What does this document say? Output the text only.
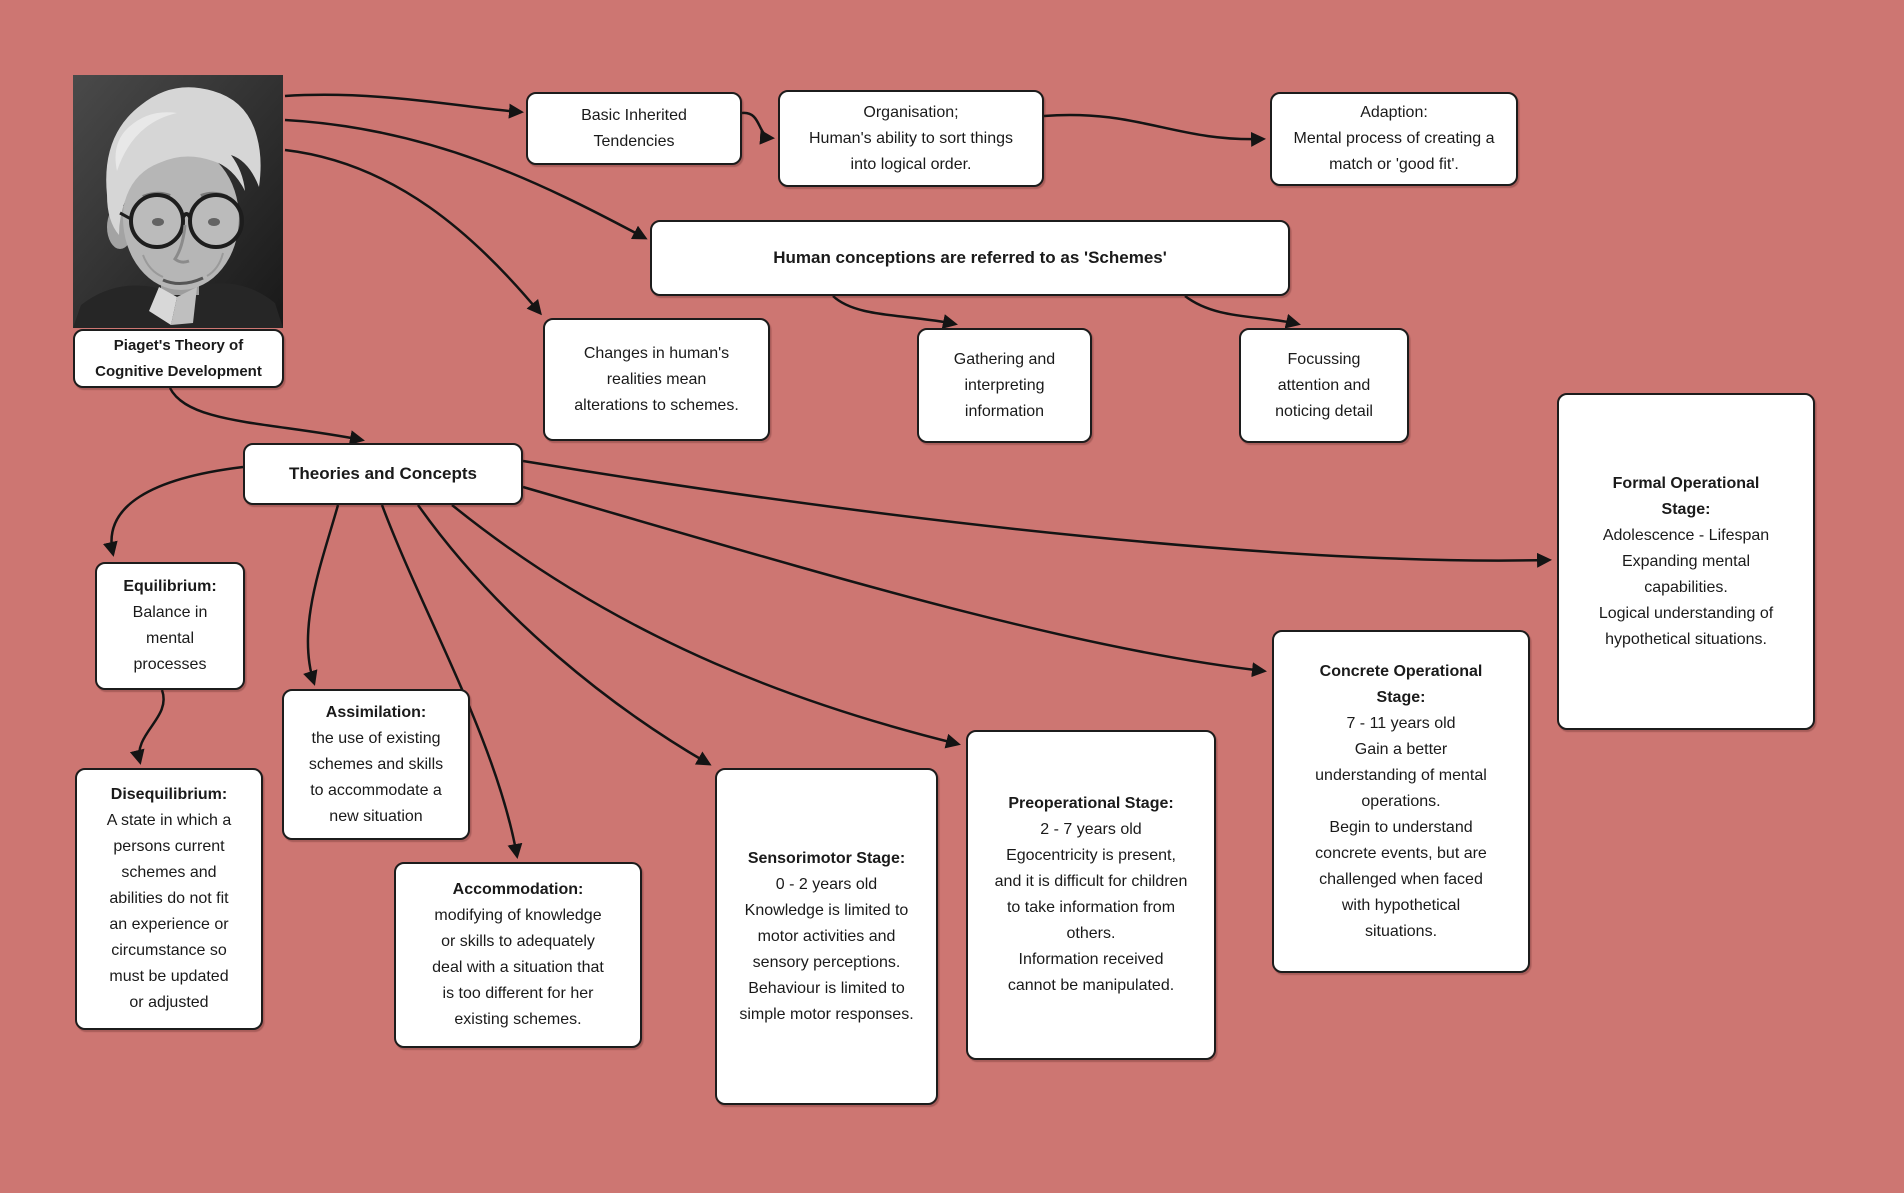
Piaget's Theory of
Cognitive Development
Basic Inherited
Tendencies
Organisation;
Human's ability to sort things
into logical order.
Adaption:
Mental process of creating a
match or 'good fit'.
Human conceptions are referred to as 'Schemes'
Changes in human's
realities mean
alterations to schemes.
Gathering and
interpreting
information
Focussing
attention and
noticing detail
Theories and Concepts
Equilibrium:
Balance in
mental
processes
Disequilibrium:
A state in which a
persons current
schemes and
abilities do not fit
an experience or
circumstance so
must be updated
or adjusted
Assimilation:
the use of existing
schemes and skills
to accommodate a
new situation
Accommodation:
modifying of knowledge
or skills to adequately
deal with a situation that
is too different for her
existing schemes.
Sensorimotor Stage:
0 - 2 years old
Knowledge is limited to
motor activities and
sensory perceptions.
Behaviour is limited to
simple motor responses.
Preoperational Stage:
2 - 7 years old
Egocentricity is present,
and it is difficult for children
to take information from
others.
Information received
cannot be manipulated.
Concrete Operational
Stage:
7 - 11 years old
Gain a better
understanding of mental
operations.
Begin to understand
concrete events, but are
challenged when faced
with hypothetical
situations.
Formal Operational
Stage:
Adolescence - Lifespan
Expanding mental
capabilities.
Logical understanding of
hypothetical situations.
